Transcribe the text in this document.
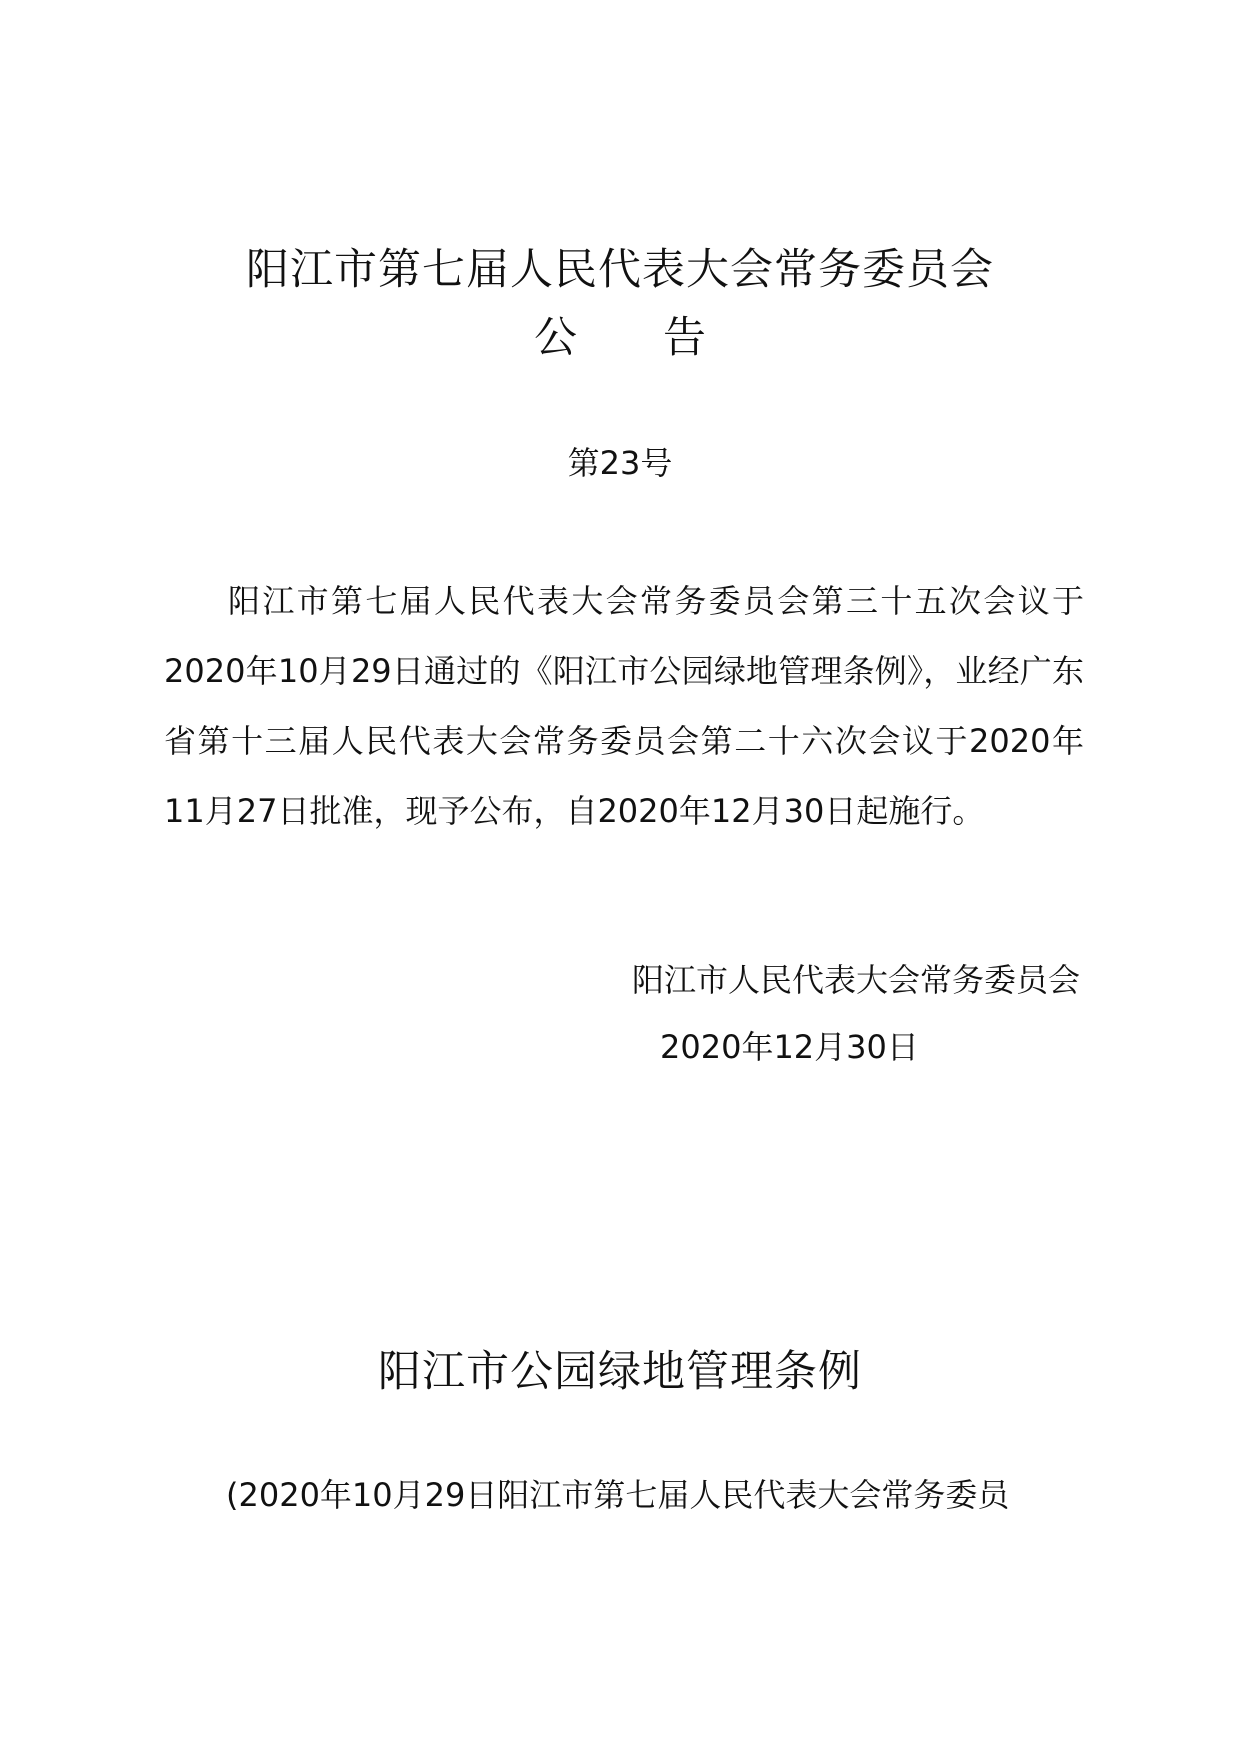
阳江市第七届人民代表大会常务委员会
公　　告
第23号
阳江市第七届人民代表大会常务委员会第三十五次会议于2020年10月29日通过的《阳江市公园绿地管理条例》，业经广东省第十三届人民代表大会常务委员会第二十六次会议于2020年11月27日批准，现予公布，自2020年12月30日起施行。
阳江市人民代表大会常务委员会
2020年12月30日
阳江市公园绿地管理条例
(2020年10月29日阳江市第七届人民代表大会常务委员
